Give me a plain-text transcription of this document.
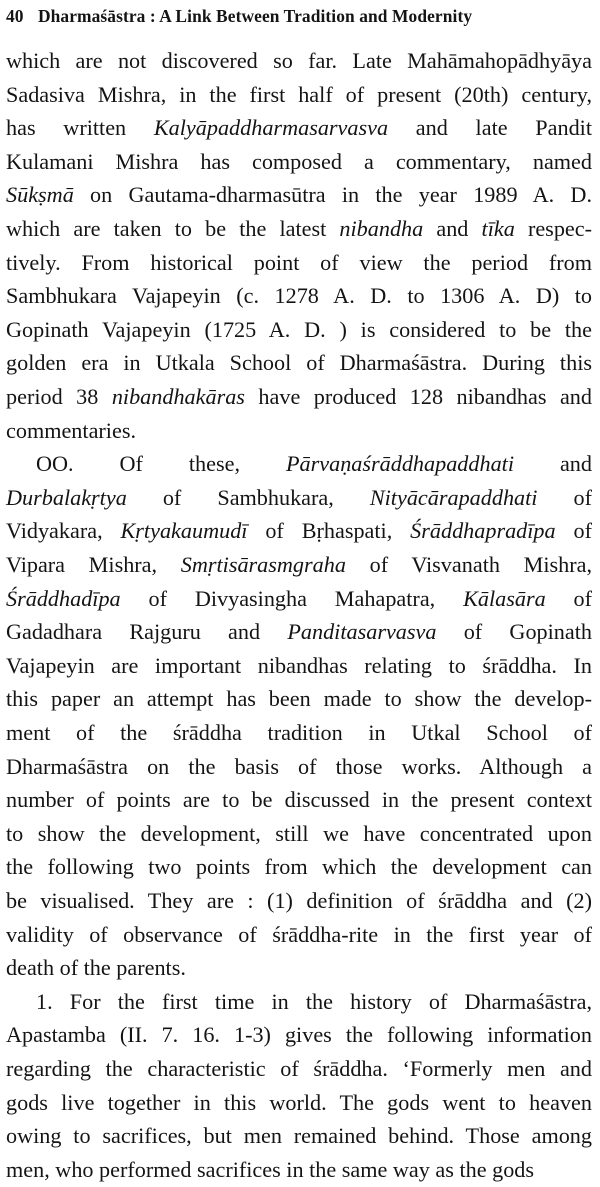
40 Dharmaśāstra : A Link Between Tradition and Modernity
which are not discovered so far. Late Mahāmahopādhyāya
Sadasiva Mishra, in the first half of present (20th) century,
has written Kalyāpaddharmasarvasva and late Pandit
Kulamani Mishra has composed a commentary, named
Sūkṣmā on Gautama-dharmasūtra in the year 1989 A. D.
which are taken to be the latest nibandha and tīka respec-
tively. From historical point of view the period from
Sambhukara Vajapeyin (c. 1278 A. D. to 1306 A. D) to
Gopinath Vajapeyin (1725 A. D. ) is considered to be the
golden era in Utkala School of Dharmaśāstra. During this
period 38 nibandhakāras have produced 128 nibandhas and
commentaries.
OO. Of these, Pārvaṇaśrāddhapaddhati and
Durbalakṛtya of Sambhukara, Nityācārapaddhati of
Vidyakara, Kṛtyakaumudī of Bṛhaspati, Śrāddhapradīpa of
Vipara Mishra, Smṛtisārasmgraha of Visvanath Mishra,
Śrāddhadīpa of Divyasingha Mahapatra, Kālasāra of
Gadadhara Rajguru and Panditasarvasva of Gopinath
Vajapeyin are important nibandhas relating to śrāddha. In
this paper an attempt has been made to show the develop-
ment of the śrāddha tradition in Utkal School of
Dharmaśāstra on the basis of those works. Although a
number of points are to be discussed in the present context
to show the development, still we have concentrated upon
the following two points from which the development can
be visualised. They are : (1) definition of śrāddha and (2)
validity of observance of śrāddha-rite in the first year of
death of the parents.
1. For the first time in the history of Dharmaśāstra,
Apastamba (II. 7. 16. 1-3) gives the following information
regarding the characteristic of śrāddha. ‘Formerly men and
gods live together in this world. The gods went to heaven
owing to sacrifices, but men remained behind. Those among
men, who performed sacrifices in the same way as the gods
